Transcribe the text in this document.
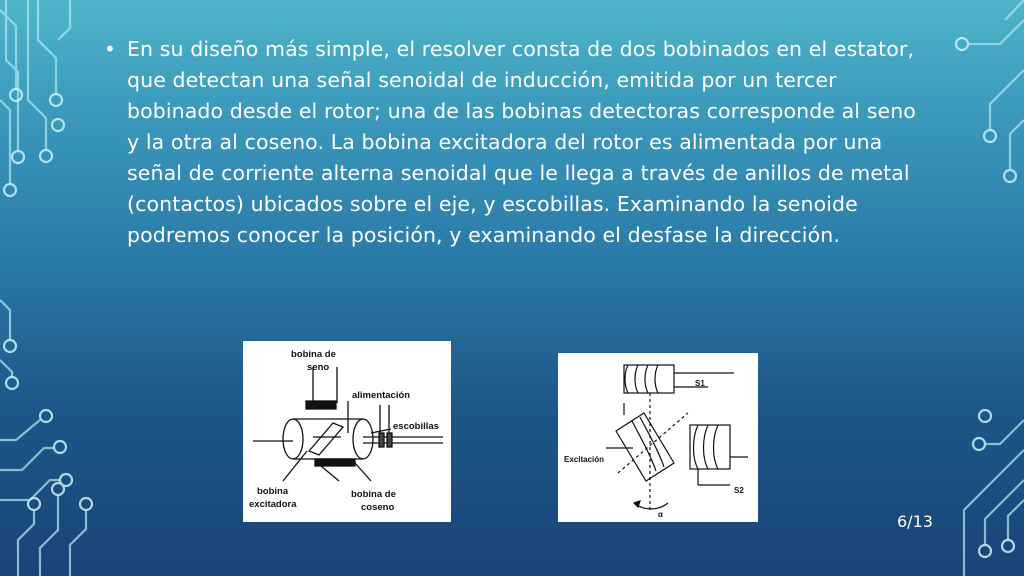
• En su diseño más simple, el resolver consta de dos bobinados en el estator, que detectan una señal senoidal de inducción, emitida por un tercer bobinado desde el rotor; una de las bobinas detectoras corresponde al seno y la otra al coseno. La bobina excitadora del rotor es alimentada por una señal de corriente alterna senoidal que le llega a través de anillos de metal (contactos) ubicados sobre el eje, y escobillas. Examinando la senoide podremos conocer la posición, y examinando el desfase la dirección.

bobina de
seno
alimentación
escobillas
bobina
excitadora
bobina de
coseno
S1
S2
Excitación
α	6/13
